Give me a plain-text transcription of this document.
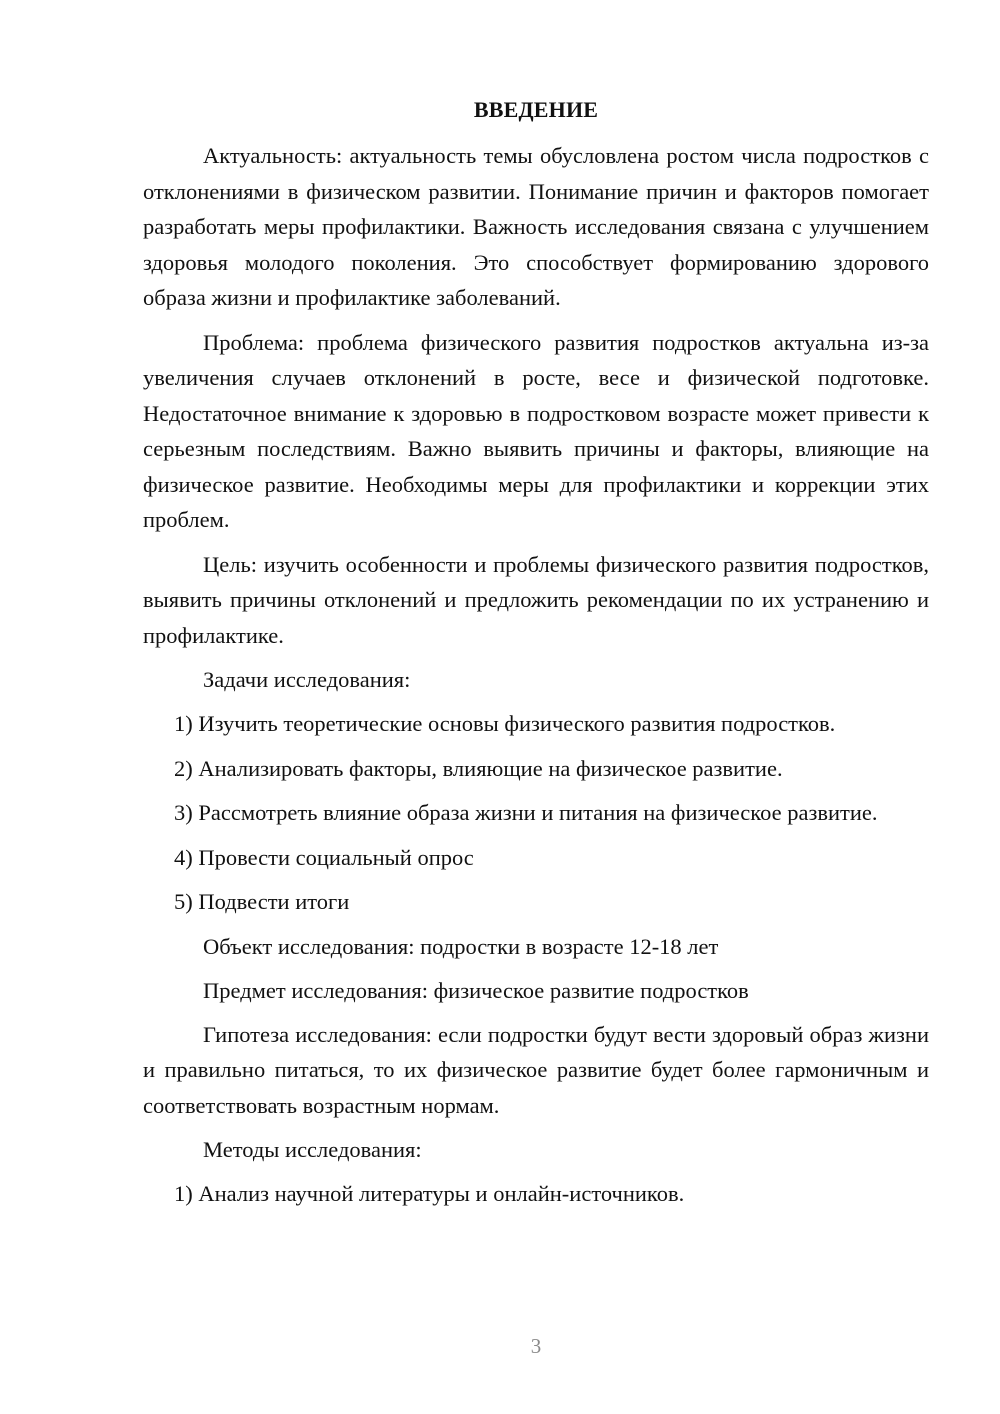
ВВЕДЕНИЕ

Актуальность: актуальность темы обусловлена ростом числа подростков с отклонениями в физическом развитии. Понимание причин и факторов помогает разработать меры профилактики. Важность исследования связана с улучшением здоровья молодого поколения. Это способствует формированию здорового образа жизни и профилактике заболеваний.

Проблема: проблема физического развития подростков актуальна из-за увеличения случаев отклонений в росте, весе и физической подготовке. Недостаточное внимание к здоровью в подростковом возрасте может привести к серьезным последствиям. Важно выявить причины и факторы, влияющие на физическое развитие. Необходимы меры для профилактики и коррекции этих проблем.

Цель: изучить особенности и проблемы физического развития подростков, выявить причины отклонений и предложить рекомендации по их устранению и профилактике.

Задачи исследования:

1) Изучить теоретические основы физического развития подростков.

2) Анализировать факторы, влияющие на физическое развитие.

3) Рассмотреть влияние образа жизни и питания на физическое развитие.

4) Провести социальный опрос

5) Подвести итоги

Объект исследования: подростки в возрасте 12-18 лет

Предмет исследования: физическое развитие подростков

Гипотеза исследования: если подростки будут вести здоровый образ жизни и правильно питаться, то их физическое развитие будет более гармоничным и соответствовать возрастным нормам.

Методы исследования:

1) Анализ научной литературы и онлайн-источников.

3
